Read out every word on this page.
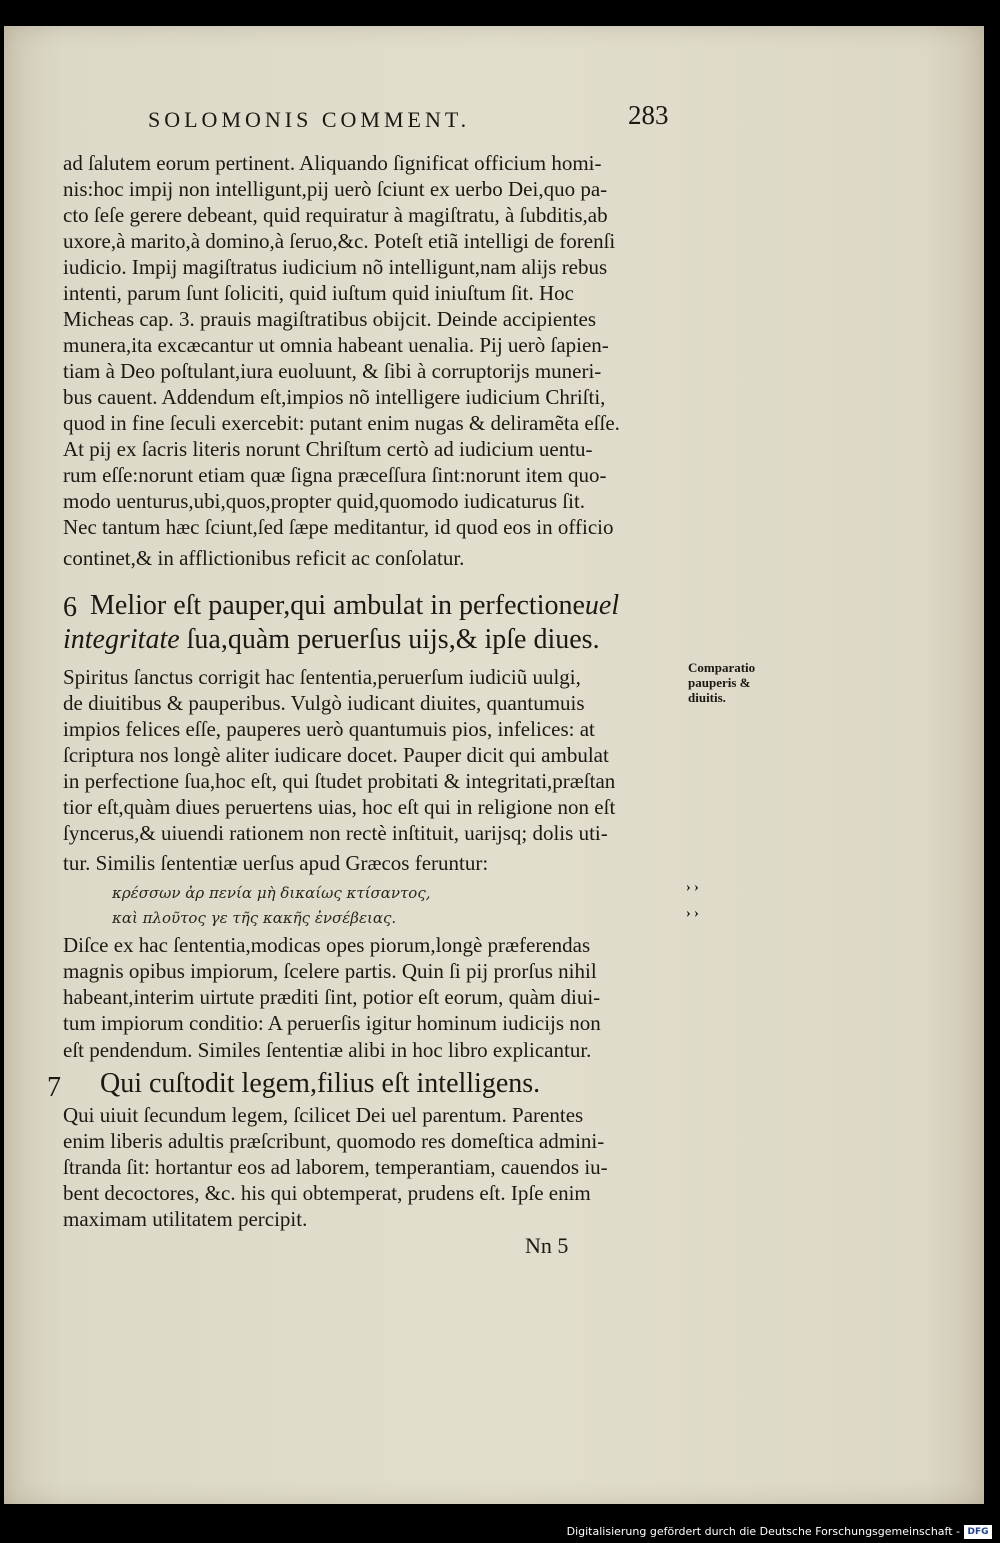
SOLOMONIS COMMENT.	283
ad ſalutem eorum pertinent. Aliquando ſignificat officium homi-
nis:hoc impij non intelligunt,pij uerò ſciunt ex uerbo Dei,quo pa-
cto ſeſe gerere debeant, quid requiratur à magiſtratu, à ſubditis,ab
uxore,à marito,à domino,à ſeruo,&c. Poteſt etiã intelligi de forenſi
iudicio. Impij magiſtratus iudicium nõ intelligunt,nam alijs rebus
intenti, parum ſunt ſoliciti, quid iuſtum quid iniuſtum ſit. Hoc
Micheas cap. 3. prauis magiſtratibus obijcit. Deinde accipientes
munera,ita excæcantur ut omnia habeant uenalia. Pij uerò ſapien-
tiam à Deo poſtulant,iura euoluunt, & ſibi à corruptorijs muneri-
bus cauent. Addendum eſt,impios nõ intelligere iudicium Chriſti,
quod in fine ſeculi exercebit: putant enim nugas & deliramẽta eſſe.
At pij ex ſacris literis norunt Chriſtum certò ad iudicium uentu-
rum eſſe:norunt etiam quæ ſigna præceſſura ſint:norunt item quo-
modo uenturus,ubi,quos,propter quid,quomodo iudicaturus ſit.
Nec tantum hæc ſciunt,ſed ſæpe meditantur, id quod eos in officio
continet,& in afflictionibus reficit ac conſolatur.
6 Melior eſt pauper,qui ambulat in perfectioneuel
integritate ſua,quàm peruerſus uijs,& ipſe diues.
Spiritus ſanctus corrigit hac ſententia,peruerſum iudiciũ uulgi,
de diuitibus & pauperibus. Vulgò iudicant diuites, quantumuis
impios felices eſſe, pauperes uerò quantumuis pios, infelices: at
ſcriptura nos longè aliter iudicare docet. Pauper dicit qui ambulat
in perfectione ſua,hoc eſt, qui ſtudet probitati & integritati,præſtan
tior eſt,quàm diues peruertens uias, hoc eſt qui in religione non eſt
ſyncerus,& uiuendi rationem non rectè inſtituit, uarijsq; dolis uti-
tur. Similis ſententiæ uerſus apud Græcos feruntur:
Comparatio
pauperis &
diuitis.
κρέσσων ἀρ πενία μὴ δικαίως κτίσαντος,
καὶ πλοῦτος γε τῆς κακῆς ἐνσέβειας.
› ›
› ›
Diſce ex hac ſententia,modicas opes piorum,longè præferendas
magnis opibus impiorum, ſcelere partis. Quin ſi pij prorſus nihil
habeant,interim uirtute præditi ſint, potior eſt eorum, quàm diui-
tum impiorum conditio: A peruerſis igitur hominum iudicijs non
eſt pendendum. Similes ſententiæ alibi in hoc libro explicantur.
7 Qui cuſtodit legem,filius eſt intelligens.
Qui uiuit ſecundum legem, ſcilicet Dei uel parentum. Parentes
enim liberis adultis præſcribunt, quomodo res domeſtica admini-
ſtranda ſit: hortantur eos ad laborem, temperantiam, cauendos iu-
bent decoctores, &c. his qui obtemperat, prudens eſt. Ipſe enim
maximam utilitatem percipit.
Nn 5
Digitalisierung gefördert durch die Deutsche Forschungsgemeinschaft - DFG
